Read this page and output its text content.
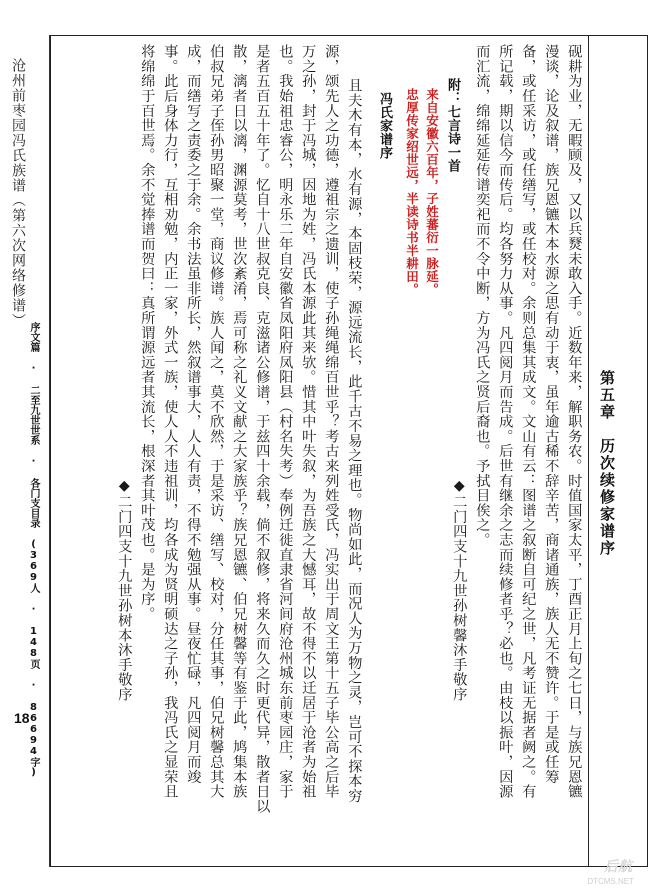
沧州前枣园冯氏族谱（第六次网络修谱）
序文篇 · 二至九世世系 · 各门支目录 (369人 · 148页 · 86694字)
18
第五章　历次续修家谱序
砚耕为业，无暇顾及，又以兵燹未敢入手。近数年来，解职务农。时值国家太平，丁酉正月上旬之七日，与族兄恩镳
漫谈，论及叙谱，族兄恩镳木本水源之思有动于衷，虽年逾古稀不辞辛苦，商诸通族，族人无不赞许。于是或任筹
备，或任采访，或任缮写，或任校对。余则总集其成文。文山有云：图谱之叙断自可纪之世，凡考证无据者阙之。有
所记载，期以信今而传后。均各努力从事。凡四阅月而告成。后世有继余之志而续修者乎？必也。由枝以振叶，因源
而汇流，绵绵延延传谱奕祀而不令中断，方为冯氏之贤后裔也。予拭目俟之。
◆二门四支十九世孙树馨沐手敬序
附：七言诗一首
来自安徽六百年，子姓蕃衍一脉延。
忠厚传家绍世远，半读诗书半耕田。
冯氏家谱序
且夫木有本，水有源，本固枝荣，源远流长，此千古不易之理也。物尚如此，而况人为万物之灵，岂可不探本穷
源，颂先人之功德，遵祖宗之遗训，使子孙绳绳绵百世乎？考古来列姓受氏，冯实出于周文王第十五子毕公高之后毕
万之孙，封于冯城，因地为姓，冯氏本源此其来欤。惜其中叶失叙，为吾族之大憾耳，故不得不以迁居于沧者为始祖
也。我始祖忠睿公，明永乐二年自安徽省凤阳府凤阳县（村名失考）奉例迁徙直隶省河间府沧州城东前枣园庄，家于
是者五百五十年了。忆自十八世叔克良、克滋诸公修谱，于兹四十余载，倘不叙修，将来久而久之时更代异，散者日以
散，漓者日以漓，渊源莫考，世次紊淆，焉可称之礼义文献之大家族乎？族兄恩镳、伯兄树馨等有鉴于此，鸠集本族
伯叔兄弟子侄孙男昭聚一堂，商议修谱。族人闻之，莫不欣然，于是采访、缮写、校对，分任其事，伯兄树馨总其大
成，而缮写之责委之于余。余书法虽非所长，然叙谱事大，人人有责，不得不勉强从事。昼夜忙碌，凡四阅月而竣
事。此后身体力行，互相劝勉，内正一家，外式一族，使人人不违祖训，均各成为贤明硕达之子孙，我冯氏之显荣且
将绵绵于百世焉。余不觉捧谱而贺曰：真所谓源远者其流长，根深者其叶茂也。是为序。
◆二门四支十九世孙树本沐手敬序
后航
DTCMS.NET
